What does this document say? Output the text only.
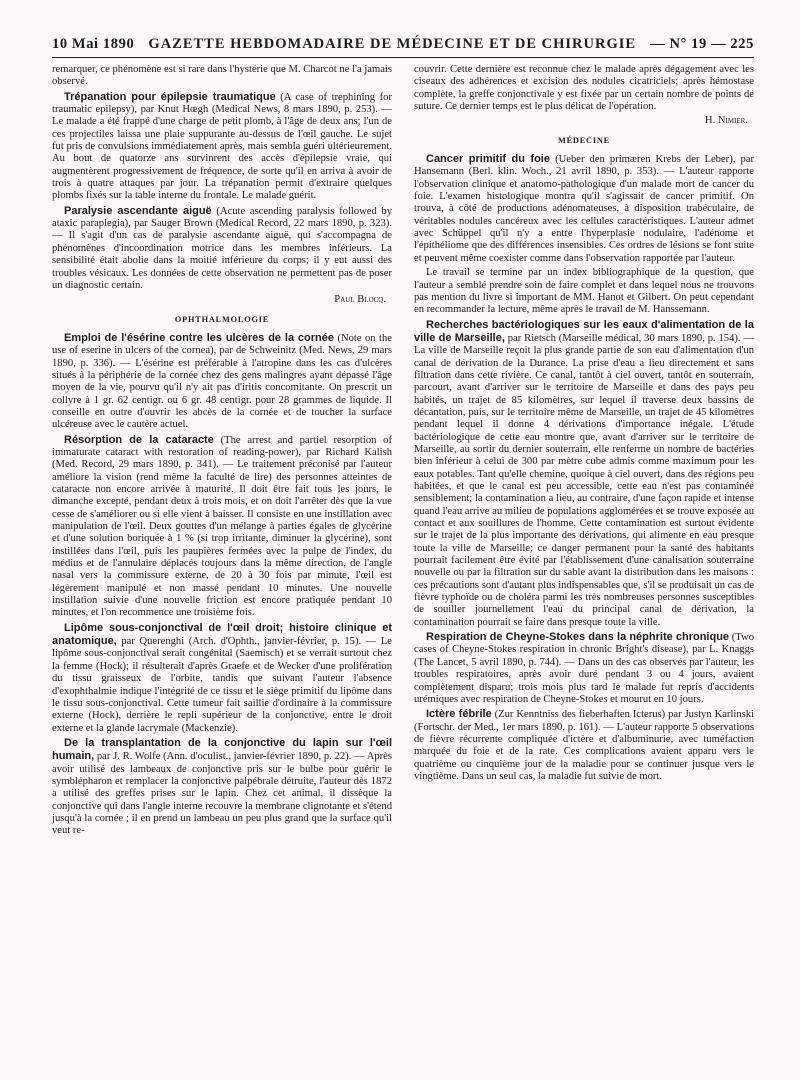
10 Mai 1890 GAZETTE HEBDOMADAIRE DE MÉDECINE ET DE CHIRURGIE — N° 19 — 225

remarquer, ce phénomène est si rare dans l'hystérie que M. Charcot ne l'a jamais observé.

Trépanation pour épilepsie traumatique (A case of trephining for traumatic epilepsy), par Knut Hœgh (Medical News, 8 mars 1890, p. 253). — Le malade a été frappé d'une charge de petit plomb, à l'âge de deux ans; l'un de ces projectiles laissa une plaie suppurante au-dessus de l'œil gauche. Le sujet fut pris de convulsions immédiatement après, mais sembla guéri ultérieurement. Au bout de quatorze ans survinrent des accès d'épilepsie vraie, qui augmentèrent progressivement de fréquence, de sorte qu'il en arriva à avoir de trois à quatre attaques par jour. La trépanation permit d'extraire quelques plombs fixés sur la table interne du frontale. Le malade guérit.

Paralysie ascendante aiguë (Acute ascending paralysis followed by ataxic paraplegia), par Sauger Brown (Medical Record, 22 mars 1890, p. 323). — Il s'agit d'un cas de paralysie ascendante aiguë, qui s'accompagna de phénomènes d'incoordination motrice dans les membres inférieurs. La sensibilité était abolie dans la moitié inférieure du corps; il y eut aussi des troubles vésicaux. Les données de cette observation ne permettent pas de poser un diagnostic certain.

Paul Blocq.
OPHTHALMOLOGIE

Emploi de l'ésérine contre les ulcères de la cornée (Note on the use of eserine in ulcers of the cornea), par de Schweinitz (Med. News, 29 mars 1890, p. 336). — L'ésérine est préférable à l'atropine dans les cas d'ulcères situés à la périphérie de la cornée chez des gens malingres ayant dépassé l'âge moyen de la vie, pourvu qu'il n'y ait pas d'iritis concomitante. On prescrit un collyre à 1 gr. 62 centigr. ou 6 gr. 48 centigr. pour 28 grammes de liquide. Il conseille en outre d'ouvrir les abcès de la cornée et de toucher la surface ulcéreuse avec le cautère actuel.

Résorption de la cataracte (The arrest and partiel resorption of immaturate cataract with restoration of reading-power), par Richard Kalish (Med. Record, 29 mars 1890, p. 341). — Le traitement préconisé par l'auteur améliore la vision (rend même la faculté de lire) des personnes atteintes de cataracte non encore arrivée à maturité. Il doit être fait tous les jours, le dimanche excepté, pendant deux à trois mois, et on doit l'arrêter dès que la vue cesse de s'améliorer ou si elle vient à baisser. Il consiste en une instillation avec manipulation de l'œil. Deux gouttes d'un mélange à parties égales de glycérine et d'une solution boriquée à 1 % (si trop irritante, diminuer la glycérine), sont instillées dans l'œil, puis les paupières fermées avec la pulpe de l'index, du médius et de l'annulaire déplacés toujours dans la même direction, de l'angle nasal vers la commissure externe, de 20 à 30 fois par minute, l'œil est légèrement manipulé et non massé pendant 10 minutes. Une nouvelle instillation suivie d'une nouvelle friction est encore pratiquée pendant 10 minutes, et l'on recommence une troisième fois.

Lipôme sous-conjonctival de l'œil droit; histoire clinique et anatomique, par Querenghi (Arch. d'Ophth., janvier-février, p. 15). — Le lipôme sous-conjonctival serait congénital (Saemisch) et se verrait surtout chez la femme (Hock); il résulterait d'après Graefe et de Wecker d'une prolifération du tissu graisseux de l'orbite, tandis que suivant l'auteur l'absence d'exophthalmie indique l'intégrité de ce tissu et le siège primitif du lipôme dans le tissu sous-conjonctival. Cette tumeur fait saillie d'ordinaire à la commissure externe (Hock), derrière le repli supérieur de la conjonctive, entre le droit externe et la glande lacrymale (Mackenzie).

De la transplantation de la conjonctive du lapin sur l'œil humain, par J. R. Wolfe (Ann. d'oculist., janvier-février 1890, p. 22). — Après avoir utilisé des lambeaux de conjonctive pris sur le bulbe pour guérir le symblépharon et remplacer la conjonctive palpébrale détruite, l'auteur dès 1872 a utilisé des greffes prises sur le lapin. Chez cet animal, il dissèque la conjonctive qui dans l'angle interne recouvre la membrane clignotante et s'étend jusqu'à la cornée ; il en prend un lambeau un peu plus grand que la surface qu'il veut re-

couvrir. Cette dernière est reconnue chez le malade après dégagement avec les ciseaux des adhérences et excision des nodules cicatriciels; après hémostase complète, la greffe conjonctivale y est fixée par un certain nombre de points de suture. Ce dernier temps est le plus délicat de l'opération.

H. Nimier.
MÉDECINE

Cancer primitif du foie (Ueber den primæren Krebs der Leber), par Hansemann (Berl. klin. Woch., 21 avril 1890, p. 353). — L'auteur rapporte l'observation clinique et anatomo-pathologique d'un malade mort de cancer du foie. L'examen histologique montra qu'il s'agissait de cancer primitif. On trouva, à côté de productions adénomateuses, à disposition trabéculaire, de véritables nodules cancéreux avec les cellules caractéristiques. L'auteur admet avec Schüppel qu'il n'y a entre l'hyperplasie nodulaire, l'adénome et l'épithéliome que des différences insensibles. Ces ordres de lésions se font suite et peuvent même coexister comme dans l'observation rapportée par l'auteur.

Le travail se termine par un index bibliographique de la question, que l'auteur a semblé prendre soin de faire complet et dans lequel nous ne trouvons pas mention du livre si important de MM. Hanot et Gilbert. On peut cependant en recommander la lecture, même après le travail de M. Hanssemann.

Recherches bactériologiques sur les eaux d'alimentation de la ville de Marseille, par Rietsch (Marseille médical, 30 mars 1890, p. 154). — La ville de Marseille reçoit la plus grande partie de son eau d'alimentation d'un canal de dérivation de la Durance. La prise d'eau a lieu directement et sans filtration dans cette rivière. Ce canal, tantôt à ciel ouvert, tantôt en souterrain, parcourt, avant d'arriver sur le territoire de Marseille et dans des pays peu habités, un trajet de 85 kilomètres, sur lequel il traverse deux bassins de décantation, puis, sur le territoire même de Marseille, un trajet de 45 kilomètres pendant lequel il donne 4 dérivations d'importance inégale. L'étude bactériologique de cette eau montre que, avant d'arriver sur le territoire de Marseille, au sortir du dernier souterrain, elle renferme un nombre de bactéries bien inférieur à celui de 300 par mètre cube admis comme maximum pour les eaux potables. Tant qu'elle chemine, quoique à ciel ouvert, dans des régions peu habitées, et que le canal est peu accessible, cette eau n'est pas contaminée sensiblement; la contamination a lieu, au contraire, d'une façon rapide et intense quand l'eau arrive au milieu de populations agglomérées et se trouve exposée au contact et aux souillures de l'homme. Cette contamination est surtout évidente sur le trajet de la plus importante des dérivations, qui alimente en eau presque toute la ville de Marseille; ce danger permanent pour la santé des habitants pourrait facilement être évité par l'établissement d'une canalisation souterraine nouvelle ou par la filtration sur du sable avant la distribution dans les maisons : ces précautions sont d'autant plus indispensables que, s'il se produisait un cas de fièvre typhoïde ou de choléra parmi les très nombreuses personnes susceptibles de souiller journellement l'eau du principal canal de dérivation, la contamination pourrait se faire dans presque toute la ville.

Respiration de Cheyne-Stokes dans la néphrite chronique (Two cases of Cheyne-Stokes respiration in chronic Bright's disease), par L. Knaggs (The Lancet, 5 avril 1890, p. 744). — Dans un des cas observés par l'auteur, les troubles respiratoires, après avoir duré pendant 3 ou 4 jours, avaient complètement disparu; trois mois plus tard le malade fut repris d'accidents urémiques avec respiration de Cheyne-Stokes et mourut en 10 jours.

Ictère fébrile (Zur Kenntniss des fieberhaften Icterus) par Justyn Karlinski (Fortschr. der Med., 1er mars 1890, p. 161). — L'auteur rapporte 5 observations de fièvre récurrente compliquée d'ictère et d'albuminurie, avec tuméfaction marquée du foie et de la rate. Ces complications avaient apparu vers le quatrième ou cinquième jour de la maladie pour se continuer jusque vers le vingtième. Dans un seul cas, la maladie fut suivie de mort.
